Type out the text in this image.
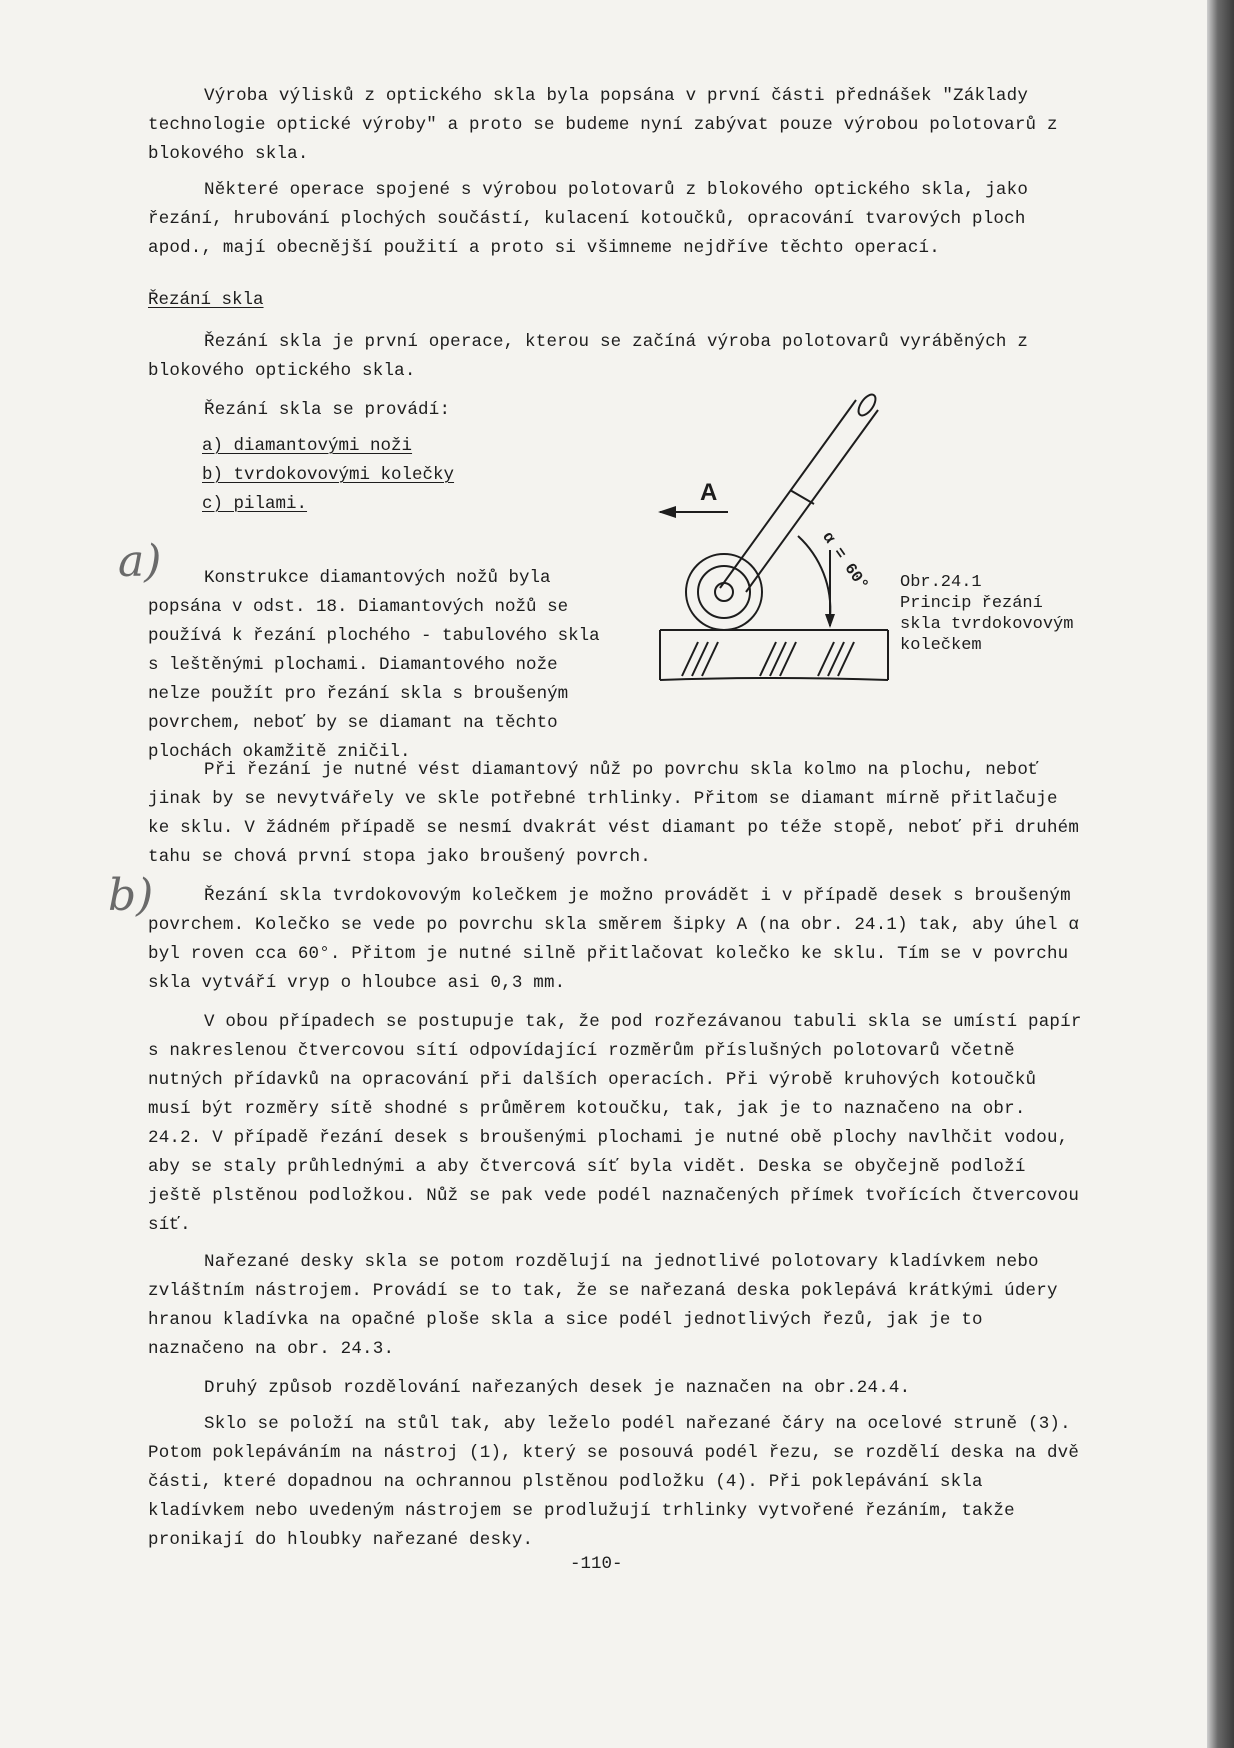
Výroba výlisků z optického skla byla popsána v první části přednášek "Základy technologie optické výroby" a proto se budeme nyní zabývat pouze výrobou polotovarů z blokového skla.

Některé operace spojené s výrobou polotovarů z blokového optického skla, jako řezání, hrubování plochých součástí, kulacení kotoučků, opracování tvarových ploch apod., mají obecnější použití a proto si všimneme nejdříve těchto operací.

Řezání skla

Řezání skla je první operace, kterou se začíná výroba polotovarů vyráběných z blokového optického skla.

Řezání skla se provádí:

a) diamantovými noži
b) tvrdokovovými kolečky
c) pilami.
a)
b)

Konstrukce diamantových nožů byla popsána v odst. 18. Diamantových nožů se používá k řezání plochého - tabulového skla s leštěnými plochami. Diamantového nože nelze použít pro řezání skla s broušeným povrchem, neboť by se diamant na těchto plochách okamžitě zničil.

A
α = 60° Obr.24.1
Princip řezání
skla tvrdokovovým
kolečkem

Při řezání je nutné vést diamantový nůž po povrchu skla kolmo na plochu, neboť jinak by se nevytvářely ve skle potřebné trhlinky. Přitom se diamant mírně přitlačuje ke sklu. V žádném případě se nesmí dvakrát vést diamant po téže stopě, neboť při druhém tahu se chová první stopa jako broušený povrch.

Řezání skla tvrdokovovým kolečkem je možno provádět i v případě desek s broušeným povrchem. Kolečko se vede po povrchu skla směrem šipky A (na obr. 24.1) tak, aby úhel α byl roven cca 60°. Přitom je nutné silně přitlačovat kolečko ke sklu. Tím se v povrchu skla vytváří vryp o hloubce asi 0,3 mm.

V obou případech se postupuje tak, že pod rozřezávanou tabuli skla se umístí papír s nakreslenou čtvercovou sítí odpovídající rozměrům příslušných polotovarů včetně nutných přídavků na opracování při dalších operacích. Při výrobě kruhových kotoučků musí být rozměry sítě shodné s průměrem kotoučku, tak, jak je to naznačeno na obr. 24.2. V případě řezání desek s broušenými plochami je nutné obě plochy navlhčit vodou, aby se staly průhlednými a aby čtvercová síť byla vidět. Deska se obyčejně podloží ještě plstěnou podložkou. Nůž se pak vede podél naznačených přímek tvořících čtvercovou síť.

Nařezané desky skla se potom rozdělují na jednotlivé polotovary kladívkem nebo zvláštním nástrojem. Provádí se to tak, že se nařezaná deska poklepává krátkými údery hranou kladívka na opačné ploše skla a sice podél jednotlivých řezů, jak je to naznačeno na obr. 24.3.

Druhý způsob rozdělování nařezaných desek je naznačen na obr.24.4.

Sklo se položí na stůl tak, aby leželo podél nařezané čáry na ocelové struně (3). Potom poklepáváním na nástroj (1), který se posouvá podél řezu, se rozdělí deska na dvě části, které dopadnou na ochrannou plstěnou podložku (4). Při poklepávání skla kladívkem nebo uvedeným nástrojem se prodlužují trhlinky vytvořené řezáním, takže pronikají do hloubky nařezané desky.

-110-
